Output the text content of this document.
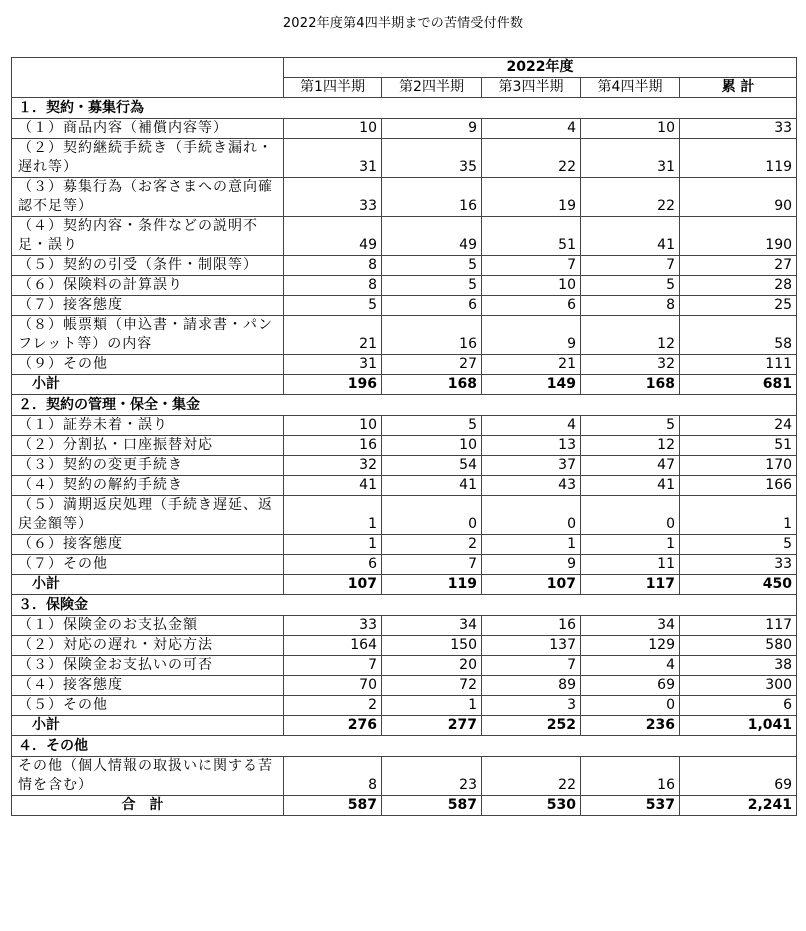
2022年度第4四半期までの苦情受付件数
	2022年度				
	第1四半期	第2四半期	第3四半期	第4四半期	累 計
１．契約・募集行為					
（１）商品内容（補償内容等）	10	9	4	10	33
（２）契約継続手続き（手続き漏れ・遅れ等）	31	35	22	31	119
（３）募集行為（お客さまへの意向確認不足等）	33	16	19	22	90
（４）契約内容・条件などの説明不足・誤り	49	49	51	41	190
（５）契約の引受（条件・制限等）	8	5	7	7	27
（６）保険料の計算誤り	8	5	10	5	28
（７）接客態度	5	6	6	8	25
（８）帳票類（申込書・請求書・パンフレット等）の内容	21	16	9	12	58
（９）その他	31	27	21	32	111
小計	196	168	149	168	681
２．契約の管理・保全・集金					
（１）証券未着・誤り	10	5	4	5	24
（２）分割払・口座振替対応	16	10	13	12	51
（３）契約の変更手続き	32	54	37	47	170
（４）契約の解約手続き	41	41	43	41	166
（５）満期返戻処理（手続き遅延、返戻金額等）	1	0	0	0	1
（６）接客態度	1	2	1	1	5
（７）その他	6	7	9	11	33
小計	107	119	107	117	450
３．保険金					
（１）保険金のお支払金額	33	34	16	34	117
（２）対応の遅れ・対応方法	164	150	137	129	580
（３）保険金お支払いの可否	7	20	7	4	38
（４）接客態度	70	72	89	69	300
（５）その他	2	1	3	0	6
小計	276	277	252	236	1,041
４．その他					
その他（個人情報の取扱いに関する苦情を含む）	8	23	22	16	69
合計	587	587	530	537	2,241
